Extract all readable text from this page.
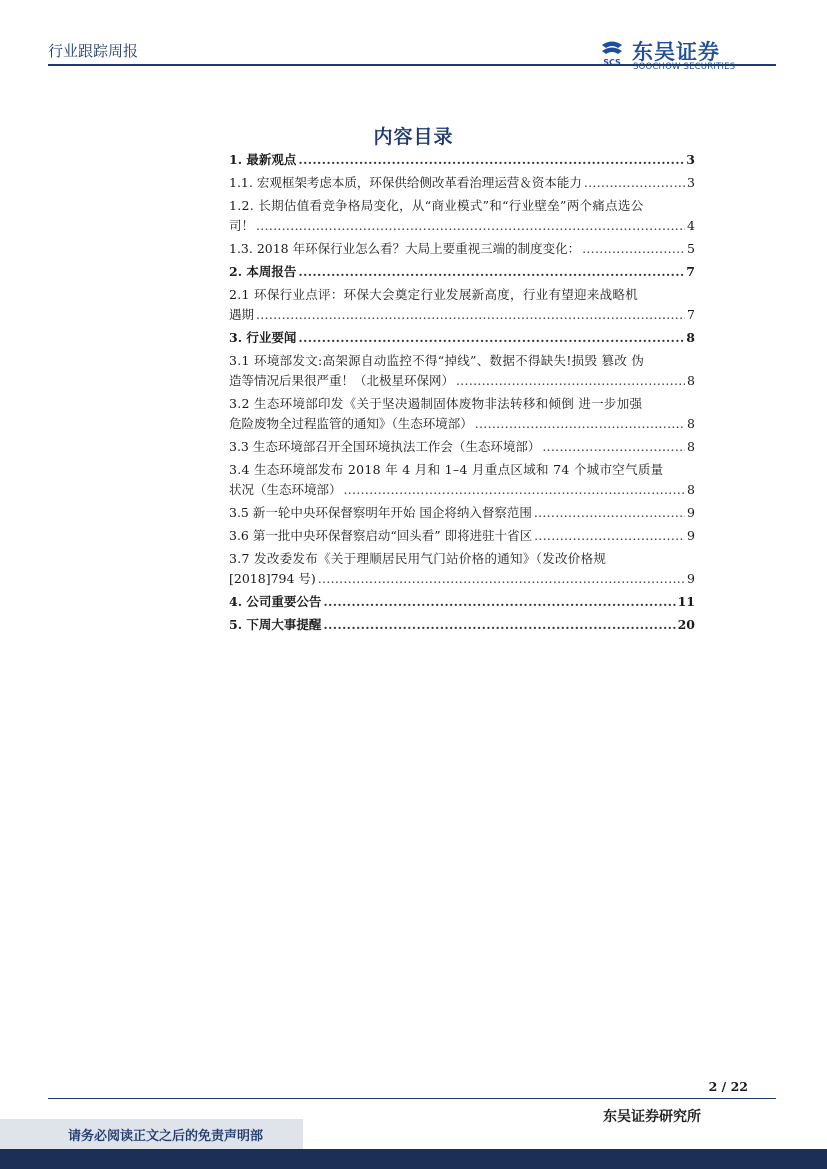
行业跟踪周报
SCS 东吴证券
SOOCHOW SECURITIES
内容目录
1. 最新观点 .....	3
1.1. 宏观框架考虑本质，环保供给侧改革看治理运营＆资本能力 .....	3
1.2. 长期估值看竞争格局变化，从“商业模式”和“行业壁垒”两个痛点选公
司！ .....	4
1.3. 2018 年环保行业怎么看？大局上要重视三端的制度变化： .....	5
2. 本周报告 .....	7
2.1 环保行业点评：环保大会奠定行业发展新高度，行业有望迎来战略机
遇期 .....	7
3. 行业要闻 .....	8
3.1 环境部发文:高架源自动监控不得“掉线”、数据不得缺失!损毁 篡改 伪
造等情况后果很严重！（北极星环保网） .....	8
3.2 生态环境部印发《关于坚决遏制固体废物非法转移和倾倒 进一步加强
危险废物全过程监管的通知》（生态环境部） .....	8
3.3 生态环境部召开全国环境执法工作会（生态环境部） .....	8
3.4 生态环境部发布 2018 年 4 月和 1–4 月重点区域和 74 个城市空气质量
状况（生态环境部） .....	8
3.5 新一轮中央环保督察明年开始 国企将纳入督察范围 .....	9
3.6 第一批中央环保督察启动“回头看” 即将进驻十省区 .....	9
3.7 发改委发布《关于理顺居民用气门站价格的通知》（发改价格规
[2018]794 号) .....	9
4. 公司重要公告 .....	11
5. 下周大事提醒 .....	20
2 / 22
东吴证券研究所
请务必阅读正文之后的免责声明部
